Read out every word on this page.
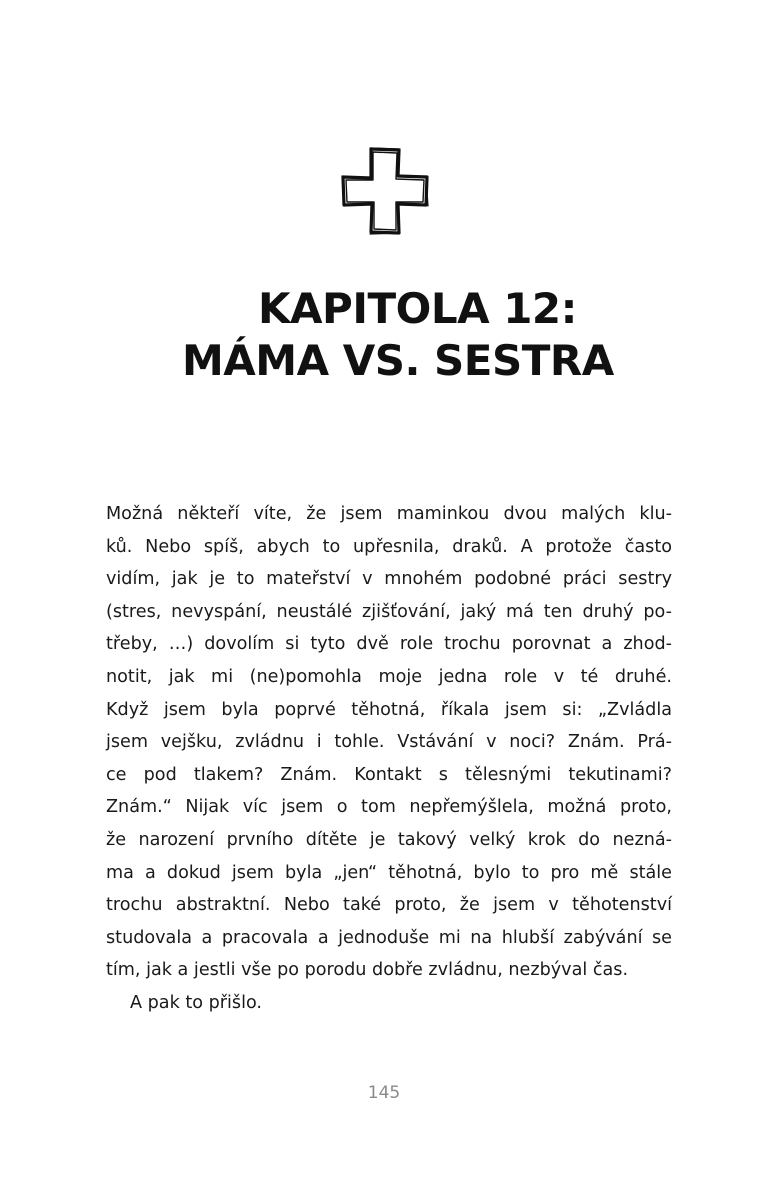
KAPITOLA 12:
MÁMA VS. SESTRA
Možná někteří víte, že jsem maminkou dvou malých klu-
ků. Nebo spíš, abych to upřesnila, draků. A protože často
vidím, jak je to mateřství v mnohém podobné práci sestry
(stres, nevyspání, neustálé zjišťování, jaký má ten druhý po-
třeby, …) dovolím si tyto dvě role trochu porovnat a zhod-
notit, jak mi (ne)pomohla moje jedna role v té druhé.
Když jsem byla poprvé těhotná, říkala jsem si: „Zvládla
jsem vejšku, zvládnu i tohle. Vstávání v noci? Znám. Prá-
ce pod tlakem? Znám. Kontakt s tělesnými tekutinami?
Znám.“ Nijak víc jsem o tom nepřemýšlela, možná proto,
že narození prvního dítěte je takový velký krok do nezná-
ma a dokud jsem byla „jen“ těhotná, bylo to pro mě stále
trochu abstraktní. Nebo také proto, že jsem v těhotenství
studovala a pracovala a jednoduše mi na hlubší zabývání se
tím, jak a jestli vše po porodu dobře zvládnu, nezbýval čas.
A pak to přišlo.
145
